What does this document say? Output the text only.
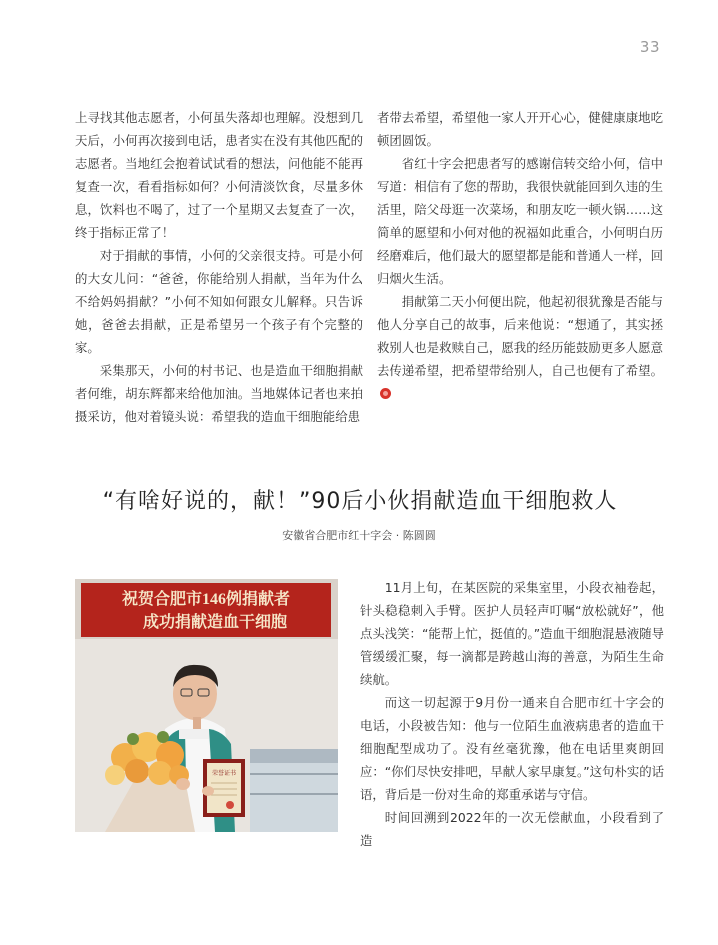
33

上寻找其他志愿者，小何虽失落却也理解。没想到几天后，小何再次接到电话，患者实在没有其他匹配的志愿者。当地红会抱着试试看的想法，问他能不能再复查一次，看看指标如何？小何清淡饮食，尽量多休息，饮料也不喝了，过了一个星期又去复查了一次，终于指标正常了！

对于捐献的事情，小何的父亲很支持。可是小何的大女儿问：“爸爸，你能给别人捐献，当年为什么不给妈妈捐献？”小何不知如何跟女儿解释。只告诉她，爸爸去捐献，正是希望另一个孩子有个完整的家。

采集那天，小何的村书记、也是造血干细胞捐献者何维，胡东辉都来给他加油。当地媒体记者也来拍摄采访，他对着镜头说：希望我的造血干细胞能给患

者带去希望，希望他一家人开开心心，健健康康地吃顿团圆饭。

省红十字会把患者写的感谢信转交给小何，信中写道：相信有了您的帮助，我很快就能回到久违的生活里，陪父母逛一次菜场，和朋友吃一顿火锅……这简单的愿望和小何对他的祝福如此重合，小何明白历经磨难后，他们最大的愿望都是能和普通人一样，回归烟火生活。

捐献第二天小何便出院，他起初很犹豫是否能与他人分享自己的故事，后来他说：“想通了，其实拯救别人也是救赎自己，愿我的经历能鼓励更多人愿意去传递希望，把希望带给别人，自己也便有了希望。

“有啥好说的，献！”90后小伙捐献造血干细胞救人
安徽省合肥市红十字会 · 陈圆圆
祝贺合肥市146例捐献者
成功捐献造血干细胞
荣誉证书

11月上旬，在某医院的采集室里，小段衣袖卷起，针头稳稳刺入手臂。医护人员轻声叮嘱“放松就好”，他点头浅笑：“能帮上忙，挺值的。”造血干细胞混悬液随导管缓缓汇聚，每一滴都是跨越山海的善意，为陌生生命续航。

而这一切起源于9月份一通来自合肥市红十字会的电话，小段被告知：他与一位陌生血液病患者的造血干细胞配型成功了。没有丝毫犹豫，他在电话里爽朗回应：“你们尽快安排吧，早献人家早康复。”这句朴实的话语，背后是一份对生命的郑重承诺与守信。

时间回溯到2022年的一次无偿献血，小段看到了造
